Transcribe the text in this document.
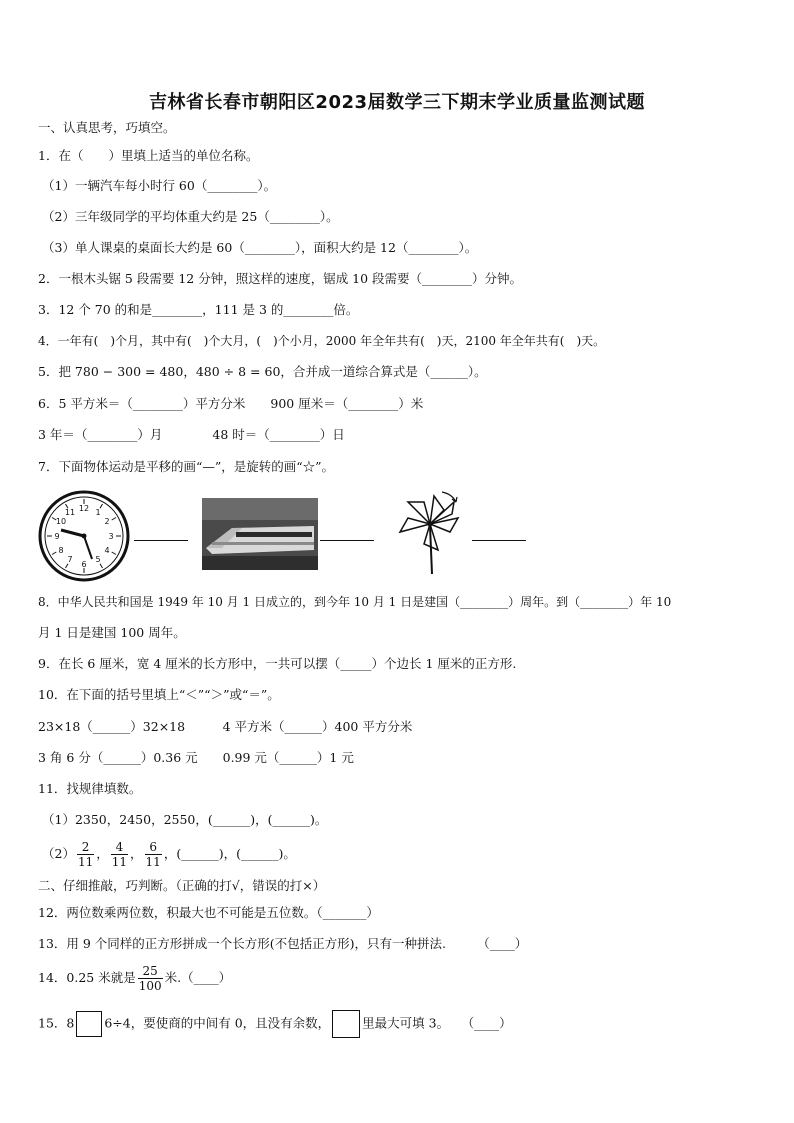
吉林省长春市朝阳区2023届数学三下期末学业质量监测试题
一、认真思考，巧填空。
1．在（　　）里填上适当的单位名称。
（1）一辆汽车每小时行 60（________）。
（2）三年级同学的平均体重大约是 25（________）。
（3）单人课桌的桌面长大约是 60（________），面积大约是 12（________）。
2．一根木头锯 5 段需要 12 分钟，照这样的速度，锯成 10 段需要（________）分钟。
3．12 个 70 的和是________，111 是 3 的________倍。
4．一年有(　)个月，其中有(　)个大月，(　)个小月，2000 年全年共有(　)天，2100 年全年共有(　)天。
5．把 780 − 300 = 480，480 ÷ 8 = 60，合并成一道综合算式是（______）。
6．5 平方米＝（________）平方分米　　900 厘米＝（________）米
3 年＝（________）月　　　　48 时＝（________）日
7．下面物体运动是平移的画“—”，是旋转的画“☆”。
12 1
2
3
4
5
6
7
8
9
10
11
8．中华人民共和国是 1949 年 10 月 1 日成立的，到今年 10 月 1 日是建国（________）周年。到（________）年 10
月 1 日是建国 100 周年。
9．在长 6 厘米，宽 4 厘米的长方形中，一共可以摆（_____）个边长 1 厘米的正方形.
10．在下面的括号里填上“＜”“＞”或“＝”。
23×18（______）32×18　　　4 平方米（______）400 平方分米
3 角 6 分（______）0.36 元　　0.99 元（______）1 元
11．找规律填数。
（1）2350，2450，2550，(______)，(______)。
$(2) \frac{2}{11}$ ， $\frac{4}{11}$ ， $\frac{6}{11}$ ，(______)，(______)。
二、仔细推敲，巧判断。（正确的打√，错误的打×）
12．两位数乘两位数，积最大也不可能是五位数。（_______）
13．用 9 个同样的正方形拼成一个长方形(不包括正方形)，只有一种拼法.　　　（____）
14．0.25 米就是 $\frac{25}{100}$ 米.（____）
15．8 6÷4，要使商的中间有 0，且没有余数，	里最大可填 3。　　（____）
